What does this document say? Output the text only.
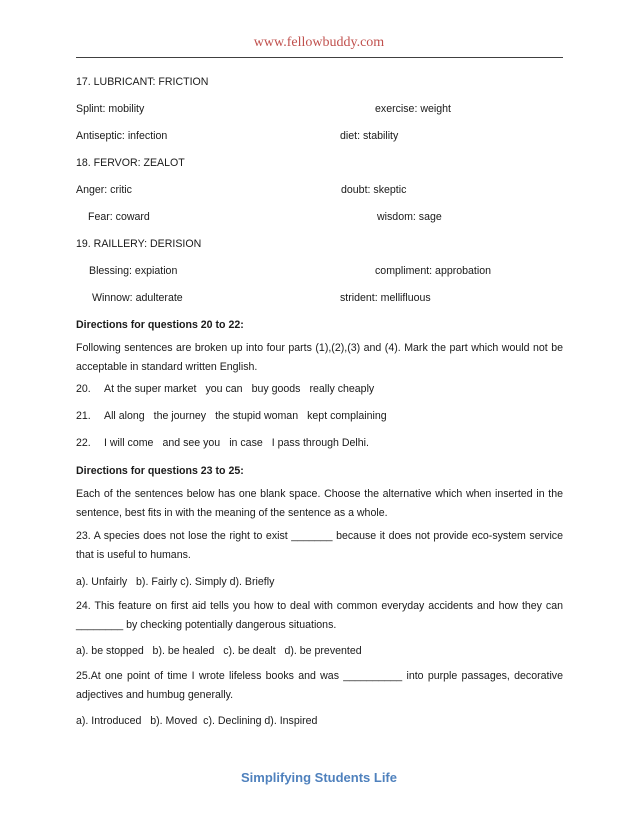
www.fellowbuddy.com
17. LUBRICANT: FRICTION
Splint: mobility	exercise: weight
Antiseptic: infection	diet: stability
18. FERVOR: ZEALOT
Anger: critic	doubt: skeptic
Fear: coward	wisdom: sage
19. RAILLERY: DERISION
Blessing: expiation	compliment: approbation
Winnow: adulterate	strident: mellifluous
Directions for questions 20 to 22:
Following sentences are broken up into four parts (1),(2),(3) and (4). Mark the part which would not be acceptable in standard written English.
20. At the super market you can buy goods really cheaply
21. All along the journey the stupid woman kept complaining
22. I will come and see you in case I pass through Delhi.
Directions for questions 23 to 25:
Each of the sentences below has one blank space. Choose the alternative which when inserted in the sentence, best fits in with the meaning of the sentence as a whole.
23. A species does not lose the right to exist _______ because it does not provide eco-system service that is useful to humans.
a). Unfairly   b). Fairly c). Simply d). Briefly
24. This feature on first aid tells you how to deal with common everyday accidents and how they can ________ by checking potentially dangerous situations.
a). be stopped   b). be healed   c). be dealt   d). be prevented
25.At one point of time I wrote lifeless books and was __________ into purple passages, decorative adjectives and humbug generally.
a). Introduced   b). Moved  c). Declining d). Inspired
Simplifying Students Life
